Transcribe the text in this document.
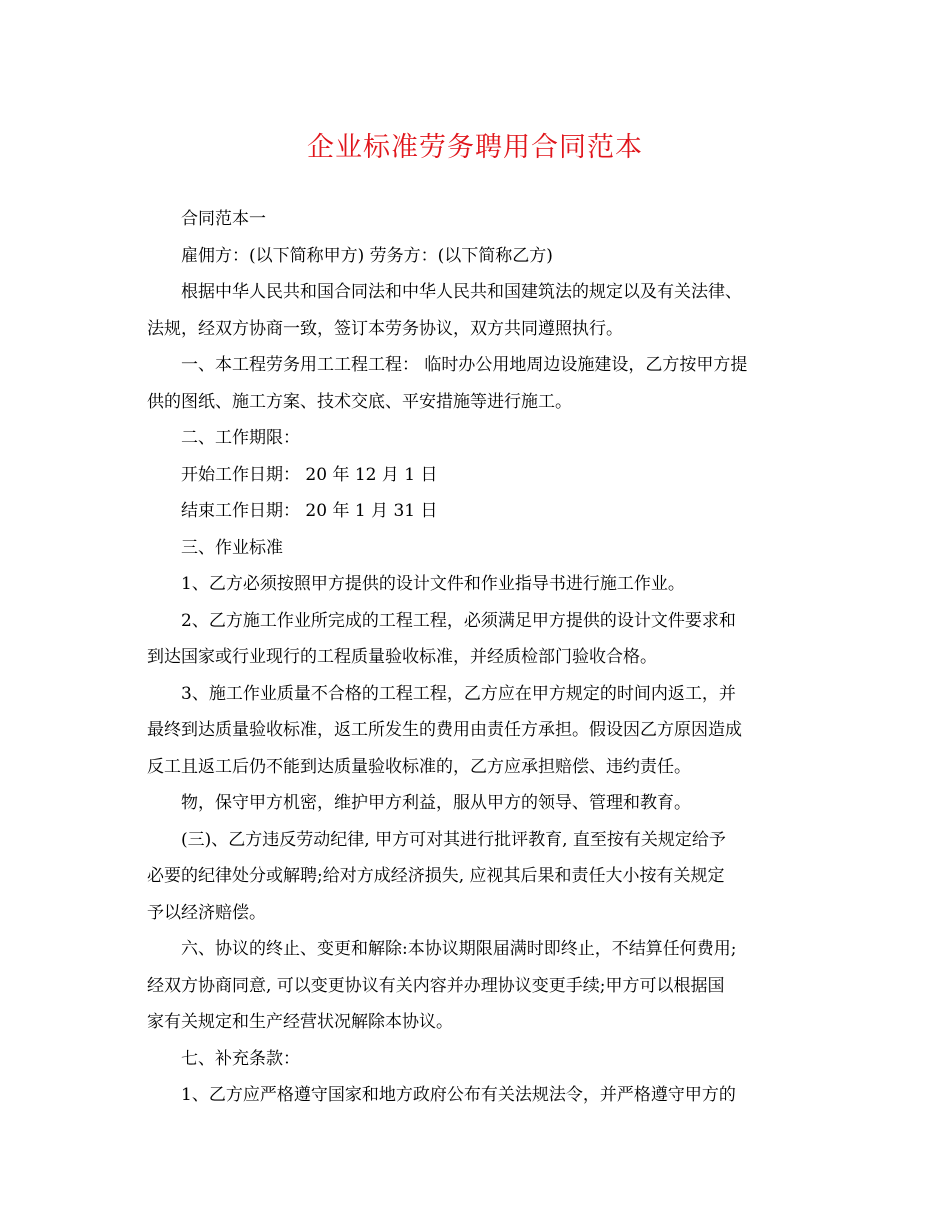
企业标准劳务聘用合同范本
合同范本一
雇佣方：(以下简称甲方) 劳务方：(以下简称乙方)
根据中华人民共和国合同法和中华人民共和国建筑法的规定以及有关法律、
法规，经双方协商一致，签订本劳务协议，双方共同遵照执行。
一、本工程劳务用工工程工程： 临时办公用地周边设施建设，乙方按甲方提
供的图纸、施工方案、技术交底、平安措施等进行施工。
二、工作期限：
开始工作日期： 20 年 12 月 1 日
结束工作日期： 20 年 1 月 31 日
三、作业标准
1、乙方必须按照甲方提供的设计文件和作业指导书进行施工作业。
2、乙方施工作业所完成的工程工程，必须满足甲方提供的设计文件要求和
到达国家或行业现行的工程质量验收标准，并经质检部门验收合格。
3、施工作业质量不合格的工程工程，乙方应在甲方规定的时间内返工，并
最终到达质量验收标准，返工所发生的费用由责任方承担。假设因乙方原因造成
反工且返工后仍不能到达质量验收标准的，乙方应承担赔偿、违约责任。
物，保守甲方机密，维护甲方利益，服从甲方的领导、管理和教育。
(三)、乙方违反劳动纪律, 甲方可对其进行批评教育, 直至按有关规定给予
必要的纪律处分或解聘;给对方成经济损失, 应视其后果和责任大小按有关规定
予以经济赔偿。
六、协议的终止、变更和解除:本协议期限届满时即终止，不结算任何费用;
经双方协商同意, 可以变更协议有关内容并办理协议变更手续;甲方可以根据国
家有关规定和生产经营状况解除本协议。
七、补充条款：
1、乙方应严格遵守国家和地方政府公布有关法规法令，并严格遵守甲方的
